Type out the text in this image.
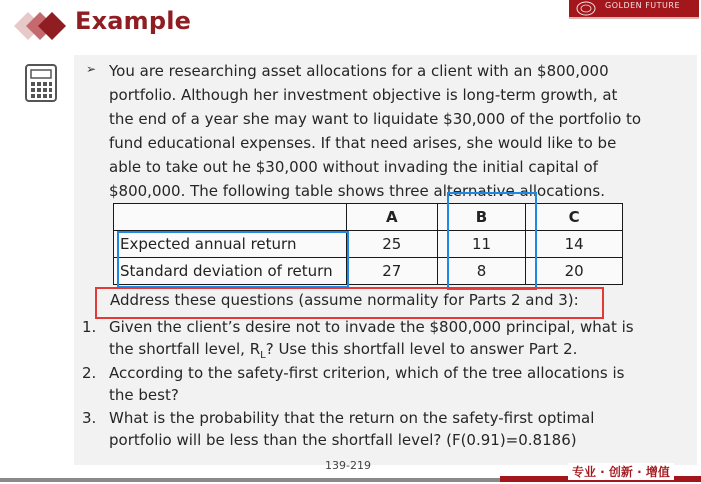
Example
GOLDEN FUTURE
➢ You are researching asset allocations for a client with an $800,000
portfolio. Although her investment objective is long-term growth, at
the end of a year she may want to liquidate $30,000 of the portfolio to
fund educational expenses. If that need arises, she would like to be
able to take out he $30,000 without invading the initial capital of
$800,000. The following table shows three alternative allocations.

	A	B	C
Expected annual return	25	11	14
Standard deviation of return	27	8	20
Address these questions (assume normality for Parts 2 and 3):
1. Given the client’s desire not to invade the $800,000 principal, what is
the shortfall level, $R_L$? Use this shortfall level to answer Part 2.
2. According to the safety-first criterion, which of the tree allocations is
the best?
3. What is the probability that the return on the safety-first optimal
portfolio will be less than the shortfall level? (F(0.91)=0.8186)
139-219	专业 · 创新 · 增值
